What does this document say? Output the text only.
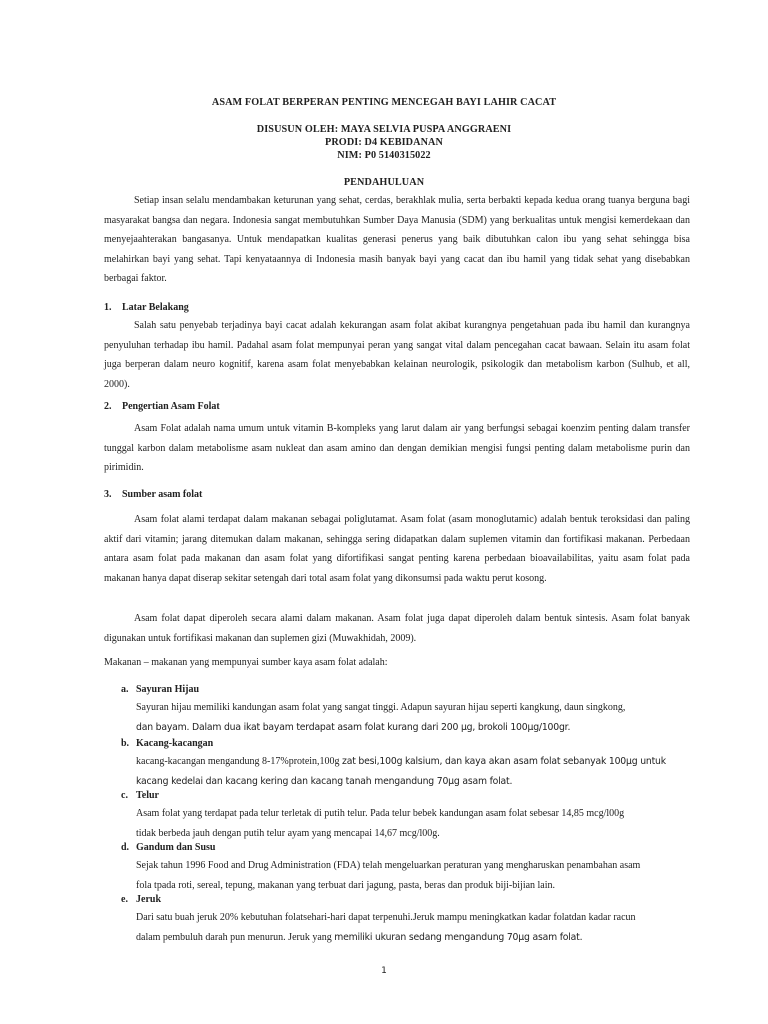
ASAM FOLAT BERPERAN PENTING MENCEGAH BAYI LAHIR CACAT
DISUSUN OLEH: MAYA SELVIA PUSPA ANGGRAENI
PRODI: D4 KEBIDANAN
NIM: P0 5140315022
PENDAHULUAN
Setiap insan selalu mendambakan keturunan yang sehat, cerdas, berakhlak mulia, serta berbakti kepada kedua orang tuanya berguna bagi masyarakat bangsa dan negara. Indonesia sangat membutuhkan Sumber Daya Manusia (SDM) yang berkualitas untuk mengisi kemerdekaan dan menyejaahterakan bangasanya. Untuk mendapatkan kualitas generasi penerus yang baik dibutuhkan calon ibu yang sehat sehingga bisa melahirkan bayi yang sehat. Tapi kenyataannya di Indonesia masih banyak bayi yang cacat dan ibu hamil yang tidak sehat yang disebabkan berbagai faktor.
1. Latar Belakang
Salah satu penyebab terjadinya bayi cacat adalah kekurangan asam folat akibat kurangnya pengetahuan pada ibu hamil dan kurangnya penyuluhan terhadap ibu hamil. Padahal asam folat mempunyai peran yang sangat vital dalam pencegahan cacat bawaan. Selain itu asam folat juga berperan dalam neuro kognitif, karena asam folat menyebabkan kelainan neurologik, psikologik dan metabolism karbon (Sulhub, et all, 2000).
2. Pengertian Asam Folat
Asam Folat adalah nama umum untuk vitamin B-kompleks yang larut dalam air yang berfungsi sebagai koenzim penting dalam transfer tunggal karbon dalam metabolisme asam nukleat dan asam amino dan dengan demikian mengisi fungsi penting dalam metabolisme purin dan pirimidin.
3. Sumber asam folat
Asam folat alami terdapat dalam makanan sebagai poliglutamat. Asam folat (asam monoglutamic) adalah bentuk teroksidasi dan paling aktif dari vitamin; jarang ditemukan dalam makanan, sehingga sering didapatkan dalam suplemen vitamin dan fortifikasi makanan. Perbedaan antara asam folat pada makanan dan asam folat yang difortifikasi sangat penting karena perbedaan bioavailabilitas, yaitu asam folat pada makanan hanya dapat diserap sekitar setengah dari total asam folat yang dikonsumsi pada waktu perut kosong.
Asam folat dapat diperoleh secara alami dalam makanan. Asam folat juga dapat diperoleh dalam bentuk sintesis. Asam folat banyak digunakan untuk fortifikasi makanan dan suplemen gizi (Muwakhidah, 2009).
Makanan – makanan yang mempunyai sumber kaya asam folat adalah:
a. Sayuran Hijau
Sayuran hijau memiliki kandungan asam folat yang sangat tinggi. Adapun sayuran hijau seperti kangkung, daun singkong,
dan bayam. Dalam dua ikat bayam terdapat asam folat kurang dari 200 μg, brokoli 100μg/100gr.
b. Kacang-kacangan
kacang-kacangan mengandung 8-17%protein,100g zat besi,100g kalsium, dan kaya akan asam folat sebanyak 100μg untuk
kacang kedelai dan kacang kering dan kacang tanah mengandung 70μg asam folat.
c. Telur
Asam folat yang terdapat pada telur terletak di putih telur. Pada telur bebek kandungan asam folat sebesar 14,85 mcg/l00g
tidak berbeda jauh dengan putih telur ayam yang mencapai 14,67 mcg/l00g.
d. Gandum dan Susu
Sejak tahun 1996 Food and Drug Administration (FDA) telah mengeluarkan peraturan yang mengharuskan penambahan asam
fola tpada roti, sereal, tepung, makanan yang terbuat dari jagung, pasta, beras dan produk biji-bijian lain.
e. Jeruk
Dari satu buah jeruk 20% kebutuhan folatsehari-hari dapat terpenuhi.Jeruk mampu meningkatkan kadar folatdan kadar racun
dalam pembuluh darah pun menurun. Jeruk yang memiliki ukuran sedang mengandung 70μg asam folat.
1
